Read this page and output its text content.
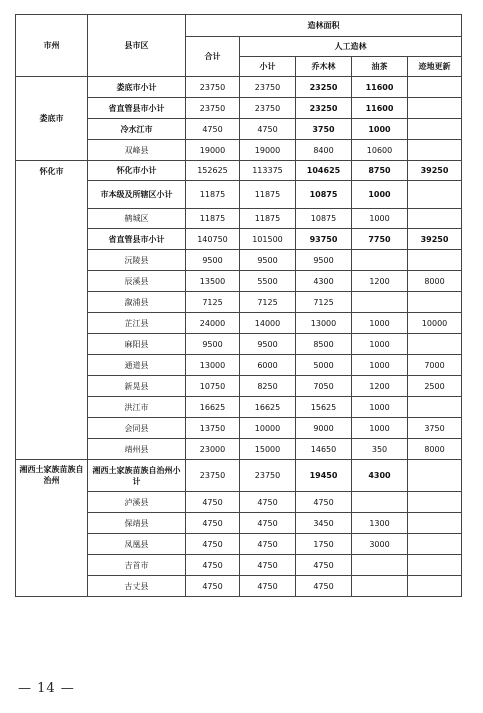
市州	县市区	造林面积				
		合计	人工造林			
			小计	乔木林	油茶	迹地更新
娄底市	娄底市小计	23750	23750	23250	11600	
	省直管县市小计	23750	23750	23250	11600	
	冷水江市	4750	4750	3750	1000	
	双峰县	19000	19000	8400	10600	
怀化市	怀化市小计	152625	113375	104625	8750	39250
	市本级及所辖区小计	11875	11875	10875	1000	
	鹤城区	11875	11875	10875	1000	
	省直管县市小计	140750	101500	93750	7750	39250
	沅陵县	9500	9500	9500		
	辰溪县	13500	5500	4300	1200	8000
	溆浦县	7125	7125	7125		
	芷江县	24000	14000	13000	1000	10000
	麻阳县	9500	9500	8500	1000	
	通道县	13000	6000	5000	1000	7000
	新晃县	10750	8250	7050	1200	2500
	洪江市	16625	16625	15625	1000	
	会同县	13750	10000	9000	1000	3750
	靖州县	23000	15000	14650	350	8000
湘西土家族苗族自治州	湘西土家族苗族自治州小计	23750	23750	19450	4300	
	泸溪县	4750	4750	4750		
	保靖县	4750	4750	3450	1300	
	凤凰县	4750	4750	1750	3000	
	吉首市	4750	4750	4750		
	古丈县	4750	4750	4750		
— 14 —
